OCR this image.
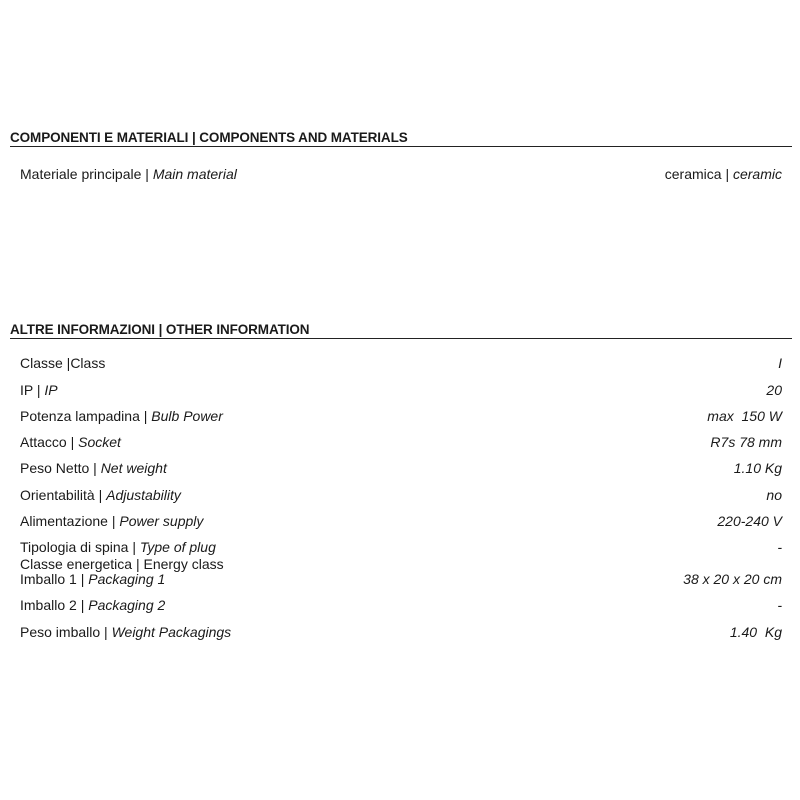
COMPONENTI E MATERIALI | COMPONENTS AND MATERIALS
Materiale principale | Main material	ceramica | ceramic
ALTRE INFORMAZIONI | OTHER INFORMATION
Classe |Class	I
IP | IP	20
Potenza lampadina | Bulb Power	max  150 W
Attacco | Socket	R7s 78 mm
Peso Netto | Net weight	1.10 Kg
Orientabilità | Adjustability	no
Alimentazione | Power supply	220-240 V
Tipologia di spina | Type of plug	-
Classe energetica | Energy class
Imballo 1 | Packaging 1	38 x 20 x 20 cm
Imballo 2 | Packaging 2	-
Peso imballo | Weight Packagings	1.40  Kg
